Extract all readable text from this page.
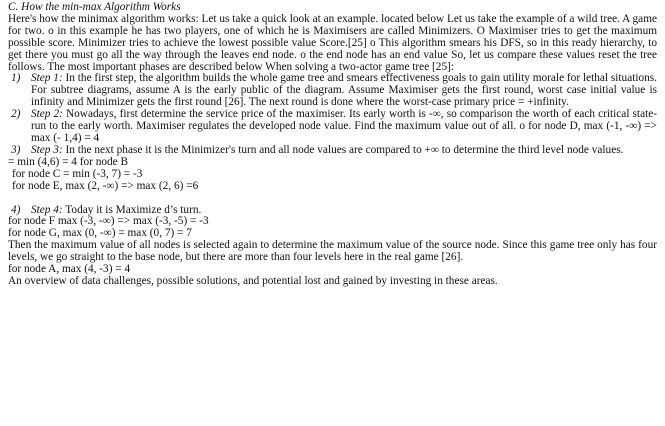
C. How the min-max Algorithm Works

Here's how the minimax algorithm works: Let us take a quick look at an example. located below Let us take the example of a wild tree. A game for two. o in this example he has two players, one of which he is Maximisers are called Minimizers. O Maximiser tries to get the maximum possible score. Minimizer tries to achieve the lowest possible value Score.[25] o This algorithm smears his DFS, so in this ready hierarchy, to get there you must go all the way through the leaves end node. o the end node has an end value So, let us compare these values reset the tree follows. The most important phases are described below When solving a two-actor game tree [25]:

1) Step 1: In the first step, the algorithm builds the whole game tree and smears effectiveness goals to gain utility morale for lethal situations. For subtree diagrams, assume A is the early public of the diagram. Assume Maximiser gets the first round, worst case initial value is infinity and Minimizer gets the first round [26]. The next round is done where the worst-case primary price = +infinity.
2) Step 2: Nowadays, first determine the service price of the maximiser. Its early worth is -∞, so comparison the worth of each critical state-run to the early worth. Maximiser regulates the developed node value. Find the maximum value out of all. o for node D, max (-1, -∞) => max (- 1,4) = 4
3) Step 3: In the next phase it is the Minimizer's turn and all node values are compared to +∞ to determine the third level node values.

= min (4,6) = 4 for node B

for node C = min (-3, 7) = -3

for node E, max (2, -∞) => max (2, 6) =6

4) Step 4: Today it is Maximize d’s turn.

for node F max (-3, -∞) => max (-3, -5) = -3

for node G, max (0, -∞) = max (0, 7) = 7

Then the maximum value of all nodes is selected again to determine the maximum value of the source node. Since this game tree only has four levels, we go straight to the base node, but there are more than four levels here in the real game [26].

for node A, max (4, -3) = 4

An overview of data challenges, possible solutions, and potential lost and gained by investing in these areas.
